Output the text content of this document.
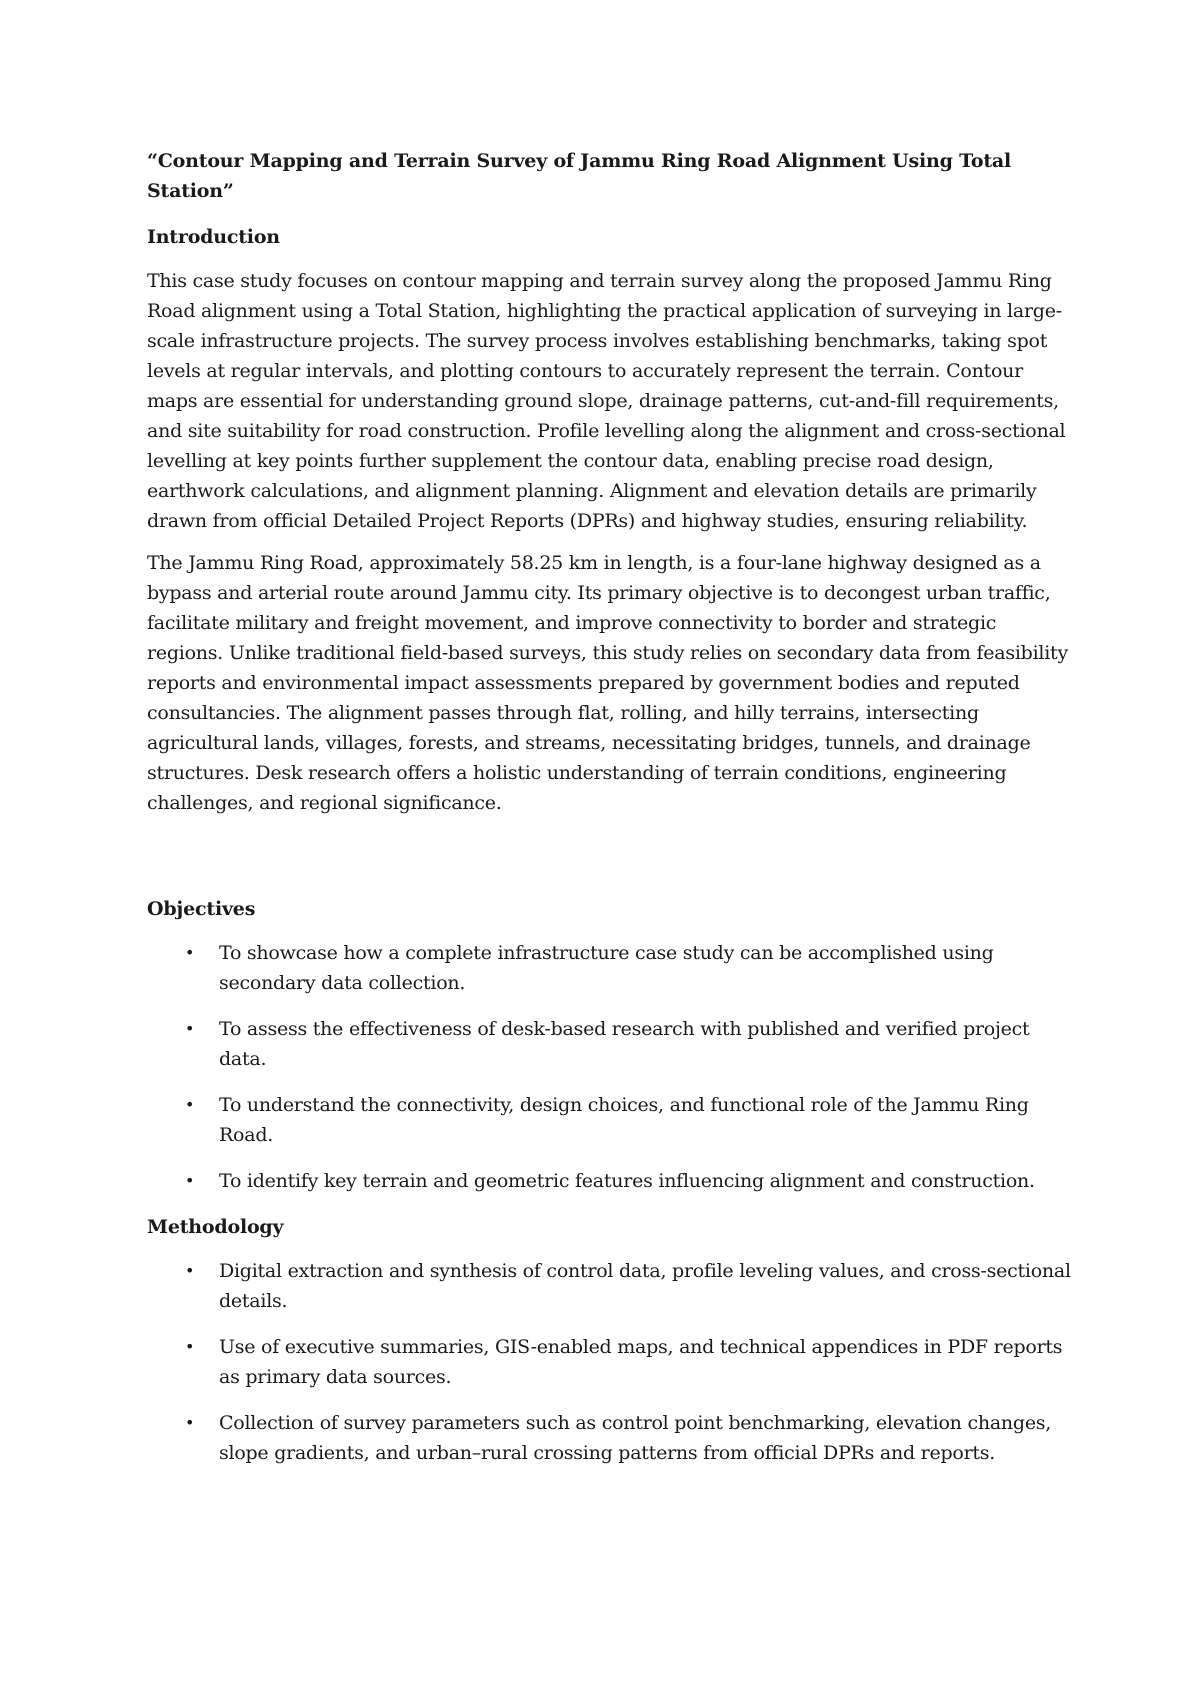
“Contour Mapping and Terrain Survey of Jammu Ring Road Alignment Using Total Station”
Introduction

This case study focuses on contour mapping and terrain survey along the proposed Jammu Ring Road alignment using a Total Station, highlighting the practical application of surveying in large-scale infrastructure projects. The survey process involves establishing benchmarks, taking spot levels at regular intervals, and plotting contours to accurately represent the terrain. Contour maps are essential for understanding ground slope, drainage patterns, cut-and-fill requirements, and site suitability for road construction. Profile levelling along the alignment and cross-sectional levelling at key points further supplement the contour data, enabling precise road design, earthwork calculations, and alignment planning. Alignment and elevation details are primarily drawn from official Detailed Project Reports (DPRs) and highway studies, ensuring reliability.

The Jammu Ring Road, approximately 58.25 km in length, is a four-lane highway designed as a bypass and arterial route around Jammu city. Its primary objective is to decongest urban traffic, facilitate military and freight movement, and improve connectivity to border and strategic regions. Unlike traditional field-based surveys, this study relies on secondary data from feasibility reports and environmental impact assessments prepared by government bodies and reputed consultancies. The alignment passes through flat, rolling, and hilly terrains, intersecting agricultural lands, villages, forests, and streams, necessitating bridges, tunnels, and drainage structures. Desk research offers a holistic understanding of terrain conditions, engineering challenges, and regional significance.

Objectives
• To showcase how a complete infrastructure case study can be accomplished using secondary data collection.
• To assess the effectiveness of desk-based research with published and verified project data.
• To understand the connectivity, design choices, and functional role of the Jammu Ring Road.
• To identify key terrain and geometric features influencing alignment and construction.
Methodology
• Digital extraction and synthesis of control data, profile leveling values, and cross-sectional details.
• Use of executive summaries, GIS-enabled maps, and technical appendices in PDF reports as primary data sources.
• Collection of survey parameters such as control point benchmarking, elevation changes, slope gradients, and urban–rural crossing patterns from official DPRs and reports.
